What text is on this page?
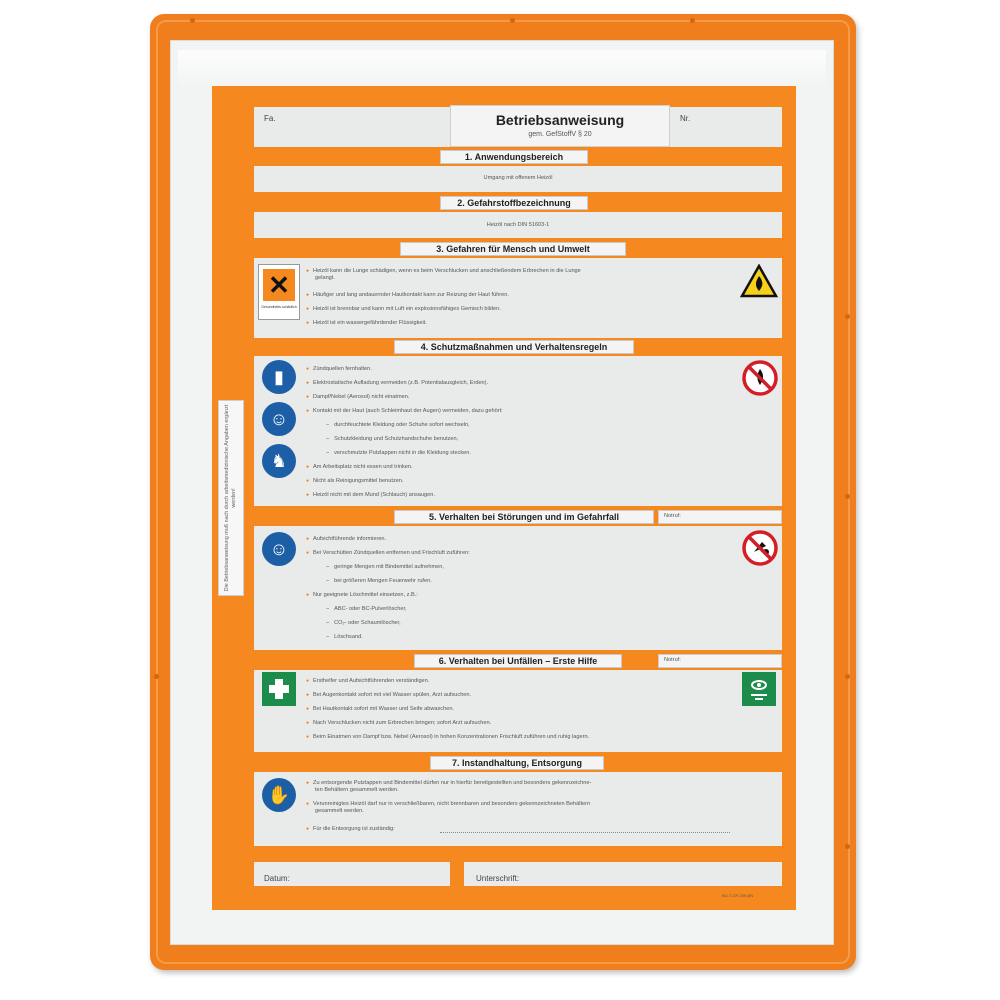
Fa.	Betriebsanweisung
gem. GefStoffV § 20
Nr.
1. Anwendungsbereich
Umgang mit offenem Heizöl
2. Gefahrstoffbezeichnung
Heizöl nach DIN 51603-1
3. Gefahren für Mensch und Umwelt
✕
Gesundheits-schädlich
● Heizöl kann die Lunge schädigen, wenn es beim Verschlucken und anschließendem Erbrechen in die Lunge
gelangt.
● Häufiger und lang andauernder Hautkontakt kann zur Reizung der Haut führen.
● Heizöl ist brennbar und kann mit Luft ein explosionsfähiges Gemisch bilden.
● Heizöl ist ein wassergefährdender Flüssigkeit.
4. Schutzmaßnahmen und Verhaltensregeln
▮
☺
♞
● Zündquellen fernhalten.
● Elektrostatische Aufladung vermeiden (z.B. Potentialausgleich, Erden).
● Dampf/Nebel (Aerosol) nicht einatmen.
● Kontakt mit der Haut (auch Schleimhaut der Augen) vermeiden, dazu gehört:
– durchfeuchtete Kleidung oder Schuhe sofort wechseln,
– Schutzkleidung und Schutzhandschuhe benutzen,
– verschmutzte Putzlappen nicht in die Kleidung stecken.
● Am Arbeitsplatz nicht essen und trinken.
● Nicht als Reinigungsmittel benutzen.
● Heizöl nicht mit dem Mund (Schlauch) ansaugen.
Die Betriebsanweisung muß nach durch arbeitsmedizinische Angaben ergänzt werden!
5. Verhalten bei Störungen und im Gefahrfall	Notruf:
☺
●	Aufsichtführende informieren.
● Bei Verschütten Zündquellen entfernen und Frischluft zuführen:
– geringe Mengen mit Bindemittel aufnehmen,
– bei größeren Mengen Feuerwehr rufen.
● Nur geeignete Löschmittel einsetzen, z.B.:
– ABC- oder BC-Pulverlöscher,
– CO₂- oder Schaumlöscher,
– Löschsand.
6. Verhalten bei Unfällen – Erste Hilfe	Notruf:
● Ersthelfer und Aufsichtführenden verständigen.
● Bei Augenkontakt sofort mit viel Wasser spülen, Arzt aufsuchen.
● Bei Hautkontakt sofort mit Wasser und Seife abwaschen.
● Nach Verschlucken nicht zum Erbrechen bringen; sofort Arzt aufsuchen.
● Beim Einatmen von Dampf bzw. Nebel (Aerosol) in hohen Konzentrationen Frischluft zuführen und ruhig lagern.
7. Instandhaltung, Entsorgung
✋
● Zu entsorgende Putzlappen und Bindemittel dürfen nur in hierfür bereitgestellten und besonders gekennzeichne-
ten Behältern gesammelt werden.
● Verunreinigtes Heizöl darf nur in verschließbaren, nicht brennbaren und besonders gekennzeichneten Behältern
gesammelt werden.
● Für die Entsorgung ist zuständig:
Datum:	Unterschrift:
BG-T-CR 209-BN
